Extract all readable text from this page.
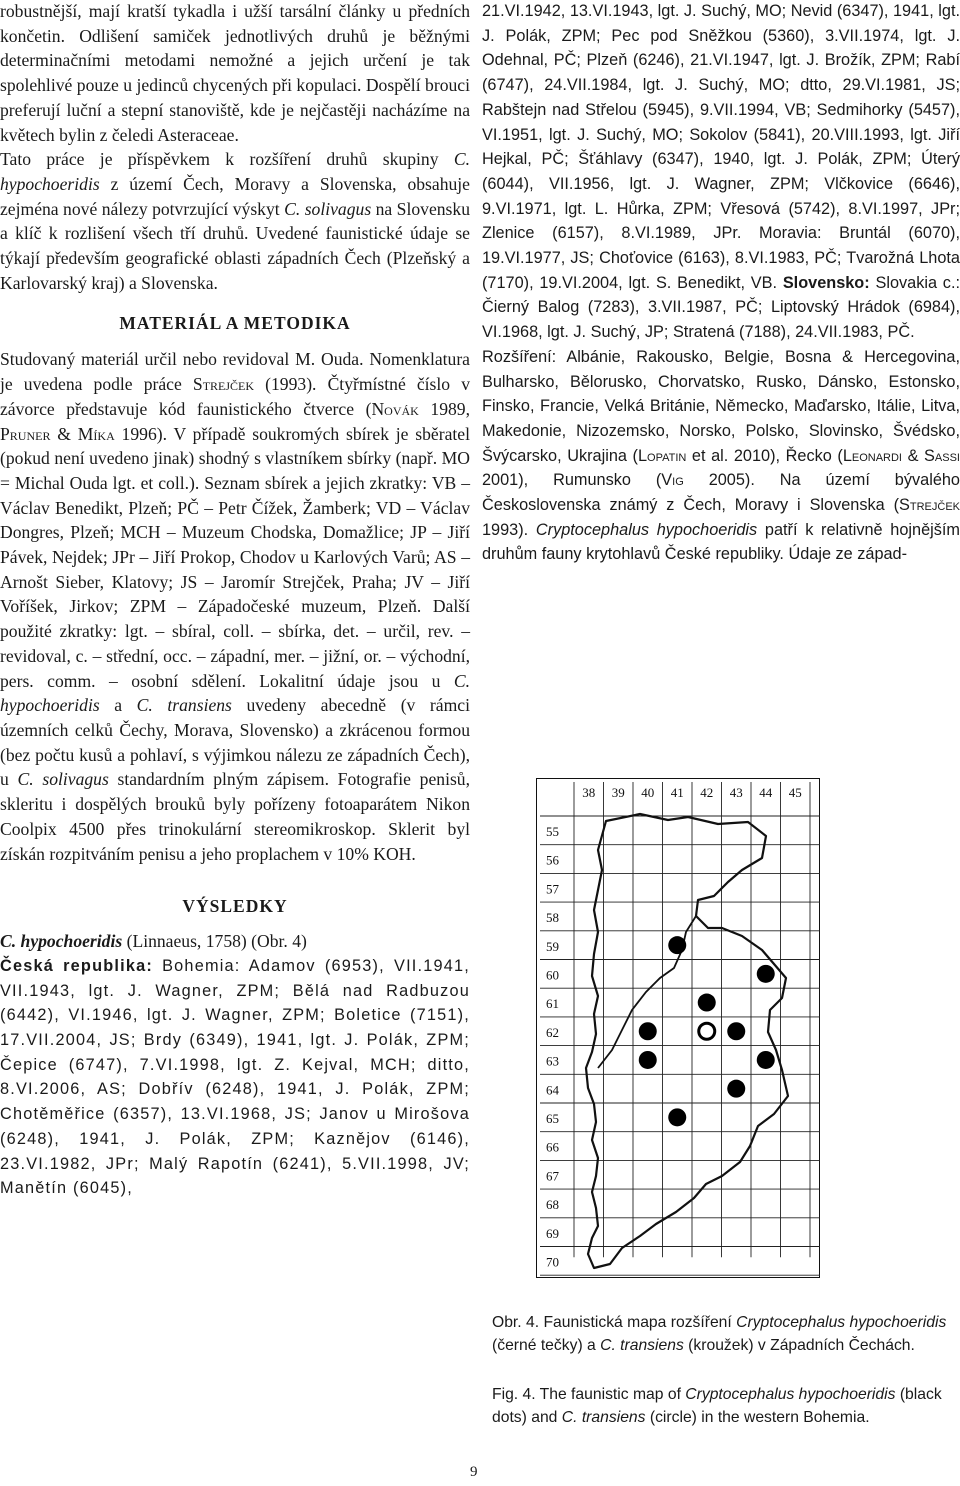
robustnější, mají kratší tykadla i užší tarsální články u předních končetin. Odlišení samiček jednotlivých druhů je běžnými determinačními metodami nemožné a jejich určení je tak spolehlivé pouze u jedinců chycených při kopulaci. Dospělí brouci preferují luční a stepní stanoviště, kde je nejčastěji nacházíme na květech bylin z čeledi Asteraceae.

Tato práce je příspěvkem k rozšíření druhů skupiny C. hypochoeridis z území Čech, Moravy a Slovenska, obsahuje zejména nové nálezy potvrzující výskyt C. solivagus na Slovensku a klíč k rozlišení všech tří druhů. Uvedené faunistické údaje se týkají především geografické oblasti západních Čech (Plzeňský a Karlovarský kraj) a Slovenska.

MATERIÁL A METODIKA

Studovaný materiál určil nebo revidoval M. Ouda. Nomenklatura je uvedena podle práce Strejček (1993). Čtyřmístné číslo v závorce představuje kód faunistického čtverce (Novák 1989, Pruner & Míka 1996). V případě soukromých sbírek je sběratel (pokud není uvedeno jinak) shodný s vlastníkem sbírky (např. MO = Michal Ouda lgt. et coll.). Seznam sbírek a jejich zkratky: VB – Václav Benedikt, Plzeň; PČ – Petr Čížek, Žamberk; VD – Václav Dongres, Plzeň; MCH – Muzeum Chodska, Domažlice; JP – Jiří Pávek, Nejdek; JPr – Jiří Prokop, Chodov u Karlových Varů; AS – Arnošt Sieber, Klatovy; JS – Jaromír Strejček, Praha; JV – Jiří Voříšek, Jirkov; ZPM – Západočeské muzeum, Plzeň. Další použité zkratky: lgt. – sbíral, coll. – sbírka, det. – určil, rev. – revidoval, c. – střední, occ. – západní, mer. – jižní, or. – východní, pers. comm. – osobní sdělení. Lokalitní údaje jsou u C. hypochoeridis a C. transiens uvedeny abecedně (v rámci územních celků Čechy, Morava, Slovensko) a zkrácenou formou (bez počtu kusů a pohlaví, s výjimkou nálezu ze západních Čech), u C. solivagus standardním plným zápisem. Fotografie penisů, skleritu i dospělých brouků byly pořízeny fotoaparátem Nikon Coolpix 4500 přes trinokulární stereomikroskop. Sklerit byl získán rozpitváním penisu a jeho proplachem v 10% KOH.

VÝSLEDKY

C. hypochoeridis (Linnaeus, 1758) (Obr. 4)

Česká republika: Bohemia: Adamov (6953), VII.1941, VII.1943, lgt. J. Wagner, ZPM; Bělá nad Radbuzou (6442), VI.1946, lgt. J. Wagner, ZPM; Boletice (7151), 17.VII.2004, JS; Brdy (6349), 1941, lgt. J. Polák, ZPM; Čepice (6747), 7.VI.1998, lgt. Z. Kejval, MCH; ditto, 8.VI.2006, AS; Dobřív (6248), 1941, J. Polák, ZPM; Chotěměřice (6357), 13.VI.1968, JS; Janov u Mirošova (6248), 1941, J. Polák, ZPM; Kaznějov (6146), 23.VI.1982, JPr; Malý Rapotín (6241), 5.VII.1998, JV; Manětín (6045),

21.VI.1942, 13.VI.1943, lgt. J. Suchý, MO; Nevid (6347), 1941, lgt. J. Polák, ZPM; Pec pod Sněžkou (5360), 3.VII.1974, lgt. J. Odehnal, PČ; Plzeň (6246), 21.VI.1947, lgt. J. Brožík, ZPM; Rabí (6747), 24.VII.1984, lgt. J. Suchý, MO; dtto, 29.VI.1981, JS; Rabštejn nad Střelou (5945), 9.VII.1994, VB; Sedmihorky (5457), VI.1951, lgt. J. Suchý, MO; Sokolov (5841), 20.VIII.1993, lgt. Jiří Hejkal, PČ; Šťáhlavy (6347), 1940, lgt. J. Polák, ZPM; Úterý (6044), VII.1956, lgt. J. Wagner, ZPM; Vlčkovice (6646), 9.VI.1971, lgt. L. Hůrka, ZPM; Vřesová (5742), 8.VI.1997, JPr; Zlenice (6157), 8.VI.1989, JPr. Moravia: Bruntál (6070), 19.VI.1977, JS; Choťovice (6163), 8.VI.1983, PČ; Tvarožná Lhota (7170), 19.VI.2004, lgt. S. Benedikt, VB. Slovensko: Slovakia c.: Čierný Balog (7283), 3.VII.1987, PČ; Liptovský Hrádok (6984), VI.1968, lgt. J. Suchý, JP; Stratená (7188), 24.VII.1983, PČ.

Rozšíření: Albánie, Rakousko, Belgie, Bosna & Hercegovina, Bulharsko, Bělorusko, Chorvatsko, Rusko, Dánsko, Estonsko, Finsko, Francie, Velká Británie, Německo, Maďarsko, Itálie, Litva, Makedonie, Nizozemsko, Norsko, Polsko, Slovinsko, Švédsko, Švýcarsko, Ukrajina (Lopatin et al. 2010), Řecko (Leonardi & Sassi 2001), Rumunsko (Vig 2005). Na území bývalého Československa známý z Čech, Moravy i Slovenska (Strejček 1993). Cryptocephalus hypochoeridis patří k relativně hojnějším druhům fauny krytohlavů České republiky. Údaje ze západ-

38 39 40 41 42 43 44 45
55
56
57
58
59
60
61
62
63
64
65
66
67
68
69
70
Obr. 4. Faunistická mapa rozšíření Cryptocephalus hypochoeridis (černé tečky) a C. transiens (kroužek) v Západních Čechách.
Fig. 4. The faunistic map of Cryptocephalus hypochoeridis (black dots) and C. transiens (circle) in the western Bohemia.
9
